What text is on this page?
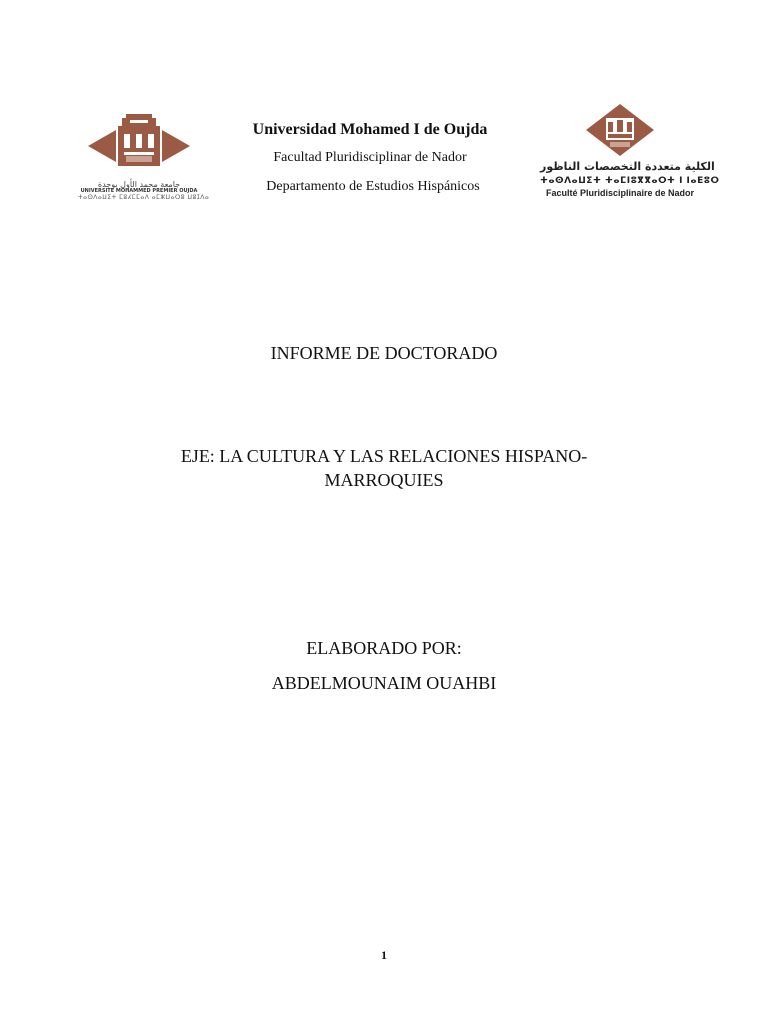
جامعة محمد الأول بوجدة
UNIVERSITE MOHAMMED PREMIER OUJDA
ⵜⴰⵙⴷⴰⵡⵉⵜ ⵎⵓⵃⵎⵎⴰⴷ ⴰⵎⵣⵡⴰⵔⵓ ⵡⵓⵊⴷⴰ
Universidad Mohamed I de Oujda
Facultad Pluridisciplinar de Nador
Departamento de Estudios Hispánicos
الكلية متعددة التخصصات الناظور
ⵜⴰⵙⴷⴰⵡⵉⵜ ⵜⴰⵎⵏⵓⴳⴳⴰⵔⵜ ⵏ ⵏⴰⴹⵓⵔ
Faculté Pluridisciplinaire de Nador
INFORME DE DOCTORADO
EJE: LA CULTURA Y LAS RELACIONES HISPANO-
MARROQUIES
ELABORADO POR:
ABDELMOUNAIM OUAHBI
1
